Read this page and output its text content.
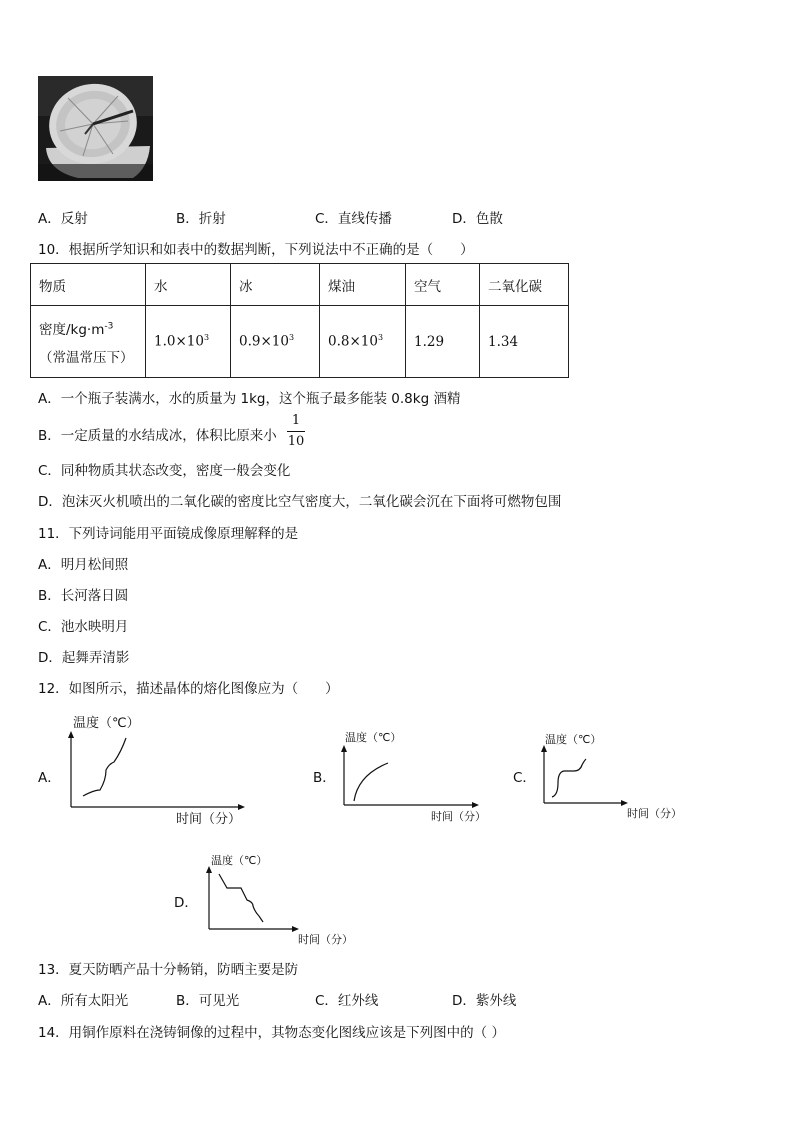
A．反射	B．折射	C．直线传播	D．色散
10．根据所学知识和如表中的数据判断，下列说法中不正确的是（　　）
物质	水	冰	煤油	空气	二氧化碳

密度$/kg\cdot m^{-3}$
（常温常压下）	$1.0\times 10^3$	$0.9\times 10^3$	$0.8\times 10^3$	1.29	1.34
A．一个瓶子装满水，水的质量为 1kg，这个瓶子最多能装 0.8kg 酒精
B．一定质量的水结成冰，体积比原来小
1
10
C．同种物质其状态改变，密度一般会变化
D．泡沫灭火机喷出的二氧化碳的密度比空气密度大，二氧化碳会沉在下面将可燃物包围
11．下列诗词能用平面镜成像原理解释的是
A．明月松间照
B．长河落日圆
C．池水映明月
D．起舞弄清影
12．如图所示，描述晶体的熔化图像应为（　　）
A．
温度（℃）
时间（分）
B．
温度（℃）
时间（分）
C．
温度（℃）
时间（分）
D．
温度（℃）
时间（分）
13．夏天防晒产品十分畅销，防晒主要是防
A．所有太阳光	B．可见光	C．红外线	D．紫外线
14．用铜作原料在浇铸铜像的过程中，其物态变化图线应该是下列图中的（ ）
